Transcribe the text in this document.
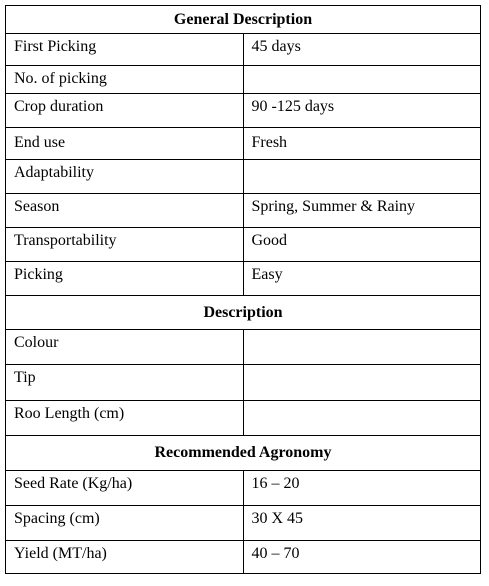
General Description	
First Picking	45 days
No. of picking	
Crop duration	90 -125 days
End use	Fresh
Adaptability	
Season	Spring, Summer & Rainy
Transportability	Good
Picking	Easy
Description	
Colour	
Tip	
Roo Length (cm)	
Recommended Agronomy	
Seed Rate (Kg/ha)	16 – 20
Spacing (cm)	30 X 45
Yield (MT/ha)	40 – 70
